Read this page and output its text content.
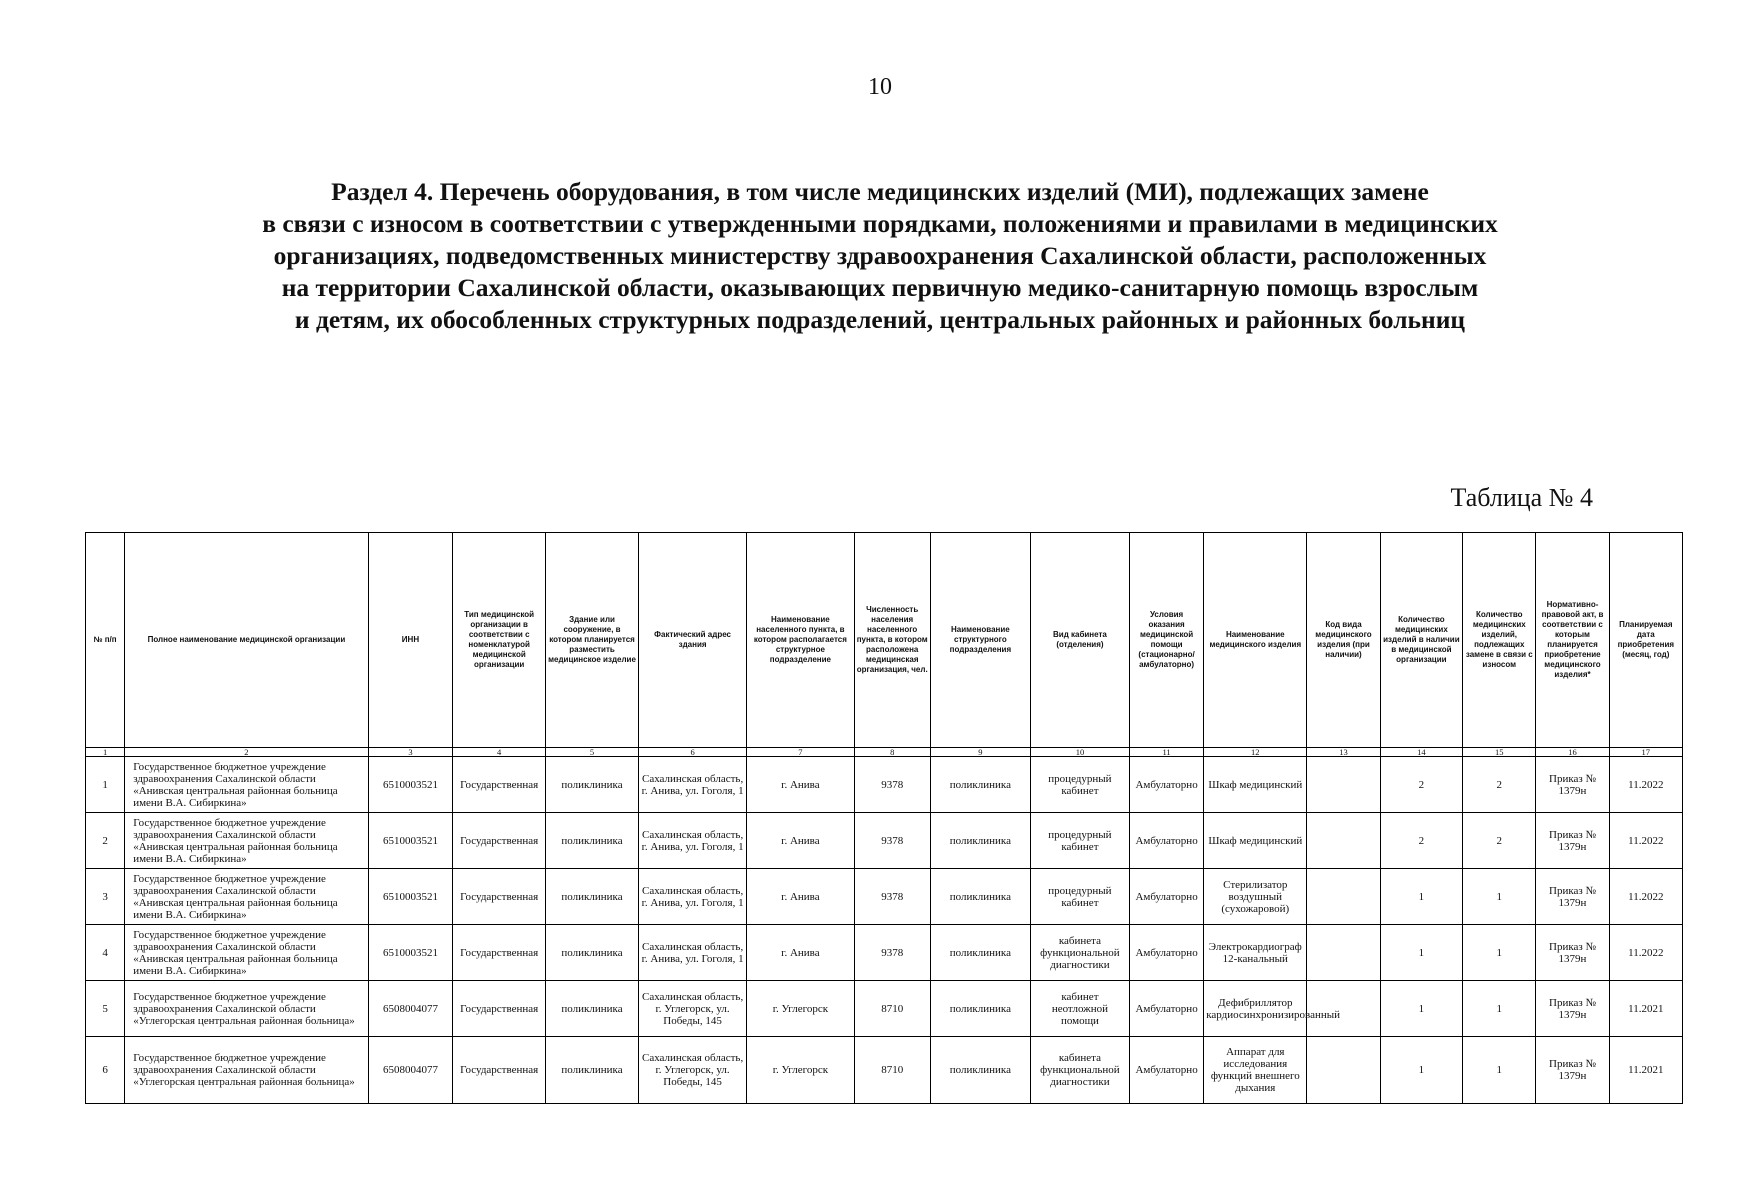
10
Раздел 4. Перечень оборудования, в том числе медицинских изделий (МИ), подлежащих замене
в связи с износом в соответствии с утвержденными порядками, положениями и правилами в медицинских
организациях, подведомственных министерству здравоохранения Сахалинской области, расположенных
на территории Сахалинской области, оказывающих первичную медико-санитарную помощь взрослым
и детям, их обособленных структурных подразделений, центральных районных и районных больниц
Таблица № 4
№ п/п	Полное наименование медицинской организации	ИНН	Тип медицинской организации в соответствии с номенклатурой медицинской организации	Здание или сооружение, в котором планируется разместить медицинское изделие	Фактический адрес здания	Наименование населенного пункта, в котором располагается структурное подразделение	Численность населения населенного пункта, в котором расположена медицинская организация, чел.	Наименование структурного подразделения	Вид кабинета (отделения)	Условия оказания медицинской помощи (стационарно/ амбулаторно)	Наименование медицинского изделия	Код вида медицинского изделия (при наличии)	Количество медицинских изделий в наличии в медицинской организации	Количество медицинских изделий, подлежащих замене в связи с износом	Нормативно-правовой акт, в соответствии с которым планируется приобретение медицинского изделия*	Планируемая дата приобретения (месяц, год)
1	2	3	4	5	6	7	8	9	10	11	12	13	14	15	16	17
1	Государственное бюджетное учреждение здравоохранения Сахалинской области «Анивская центральная районная больница имени В.А. Сибиркина»	6510003521	Государственная	поликлиника	Сахалинская область, г. Анива, ул. Гоголя, 1	г. Анива	9378	поликлиника	процедурный кабинет	Амбулаторно	Шкаф медицинский		2	2	Приказ № 1379н	11.2022
2	Государственное бюджетное учреждение здравоохранения Сахалинской области «Анивская центральная районная больница имени В.А. Сибиркина»	6510003521	Государственная	поликлиника	Сахалинская область, г. Анива, ул. Гоголя, 1	г. Анива	9378	поликлиника	процедурный кабинет	Амбулаторно	Шкаф медицинский		2	2	Приказ № 1379н	11.2022
3	Государственное бюджетное учреждение здравоохранения Сахалинской области «Анивская центральная районная больница имени В.А. Сибиркина»	6510003521	Государственная	поликлиника	Сахалинская область, г. Анива, ул. Гоголя, 1	г. Анива	9378	поликлиника	процедурный кабинет	Амбулаторно	Стерилизатор воздушный (сухожаровой)		1	1	Приказ № 1379н	11.2022
4	Государственное бюджетное учреждение здравоохранения Сахалинской области «Анивская центральная районная больница имени В.А. Сибиркина»	6510003521	Государственная	поликлиника	Сахалинская область, г. Анива, ул. Гоголя, 1	г. Анива	9378	поликлиника	кабинета функциональной диагностики	Амбулаторно	Электрокардиограф 12-канальный		1	1	Приказ № 1379н	11.2022
5	Государственное бюджетное учреждение здравоохранения Сахалинской области «Углегорская центральная районная больница»	6508004077	Государственная	поликлиника	Сахалинская область, г. Углегорск, ул. Победы, 145	г. Углегорск	8710	поликлиника	кабинет неотложной помощи	Амбулаторно	Дефибриллятор кардиосинхронизированный		1	1	Приказ № 1379н	11.2021
6	Государственное бюджетное учреждение здравоохранения Сахалинской области «Углегорская центральная районная больница»	6508004077	Государственная	поликлиника	Сахалинская область, г. Углегорск, ул. Победы, 145	г. Углегорск	8710	поликлиника	кабинета функциональной диагностики	Амбулаторно	Аппарат для исследования функций внешнего дыхания		1	1	Приказ № 1379н	11.2021
